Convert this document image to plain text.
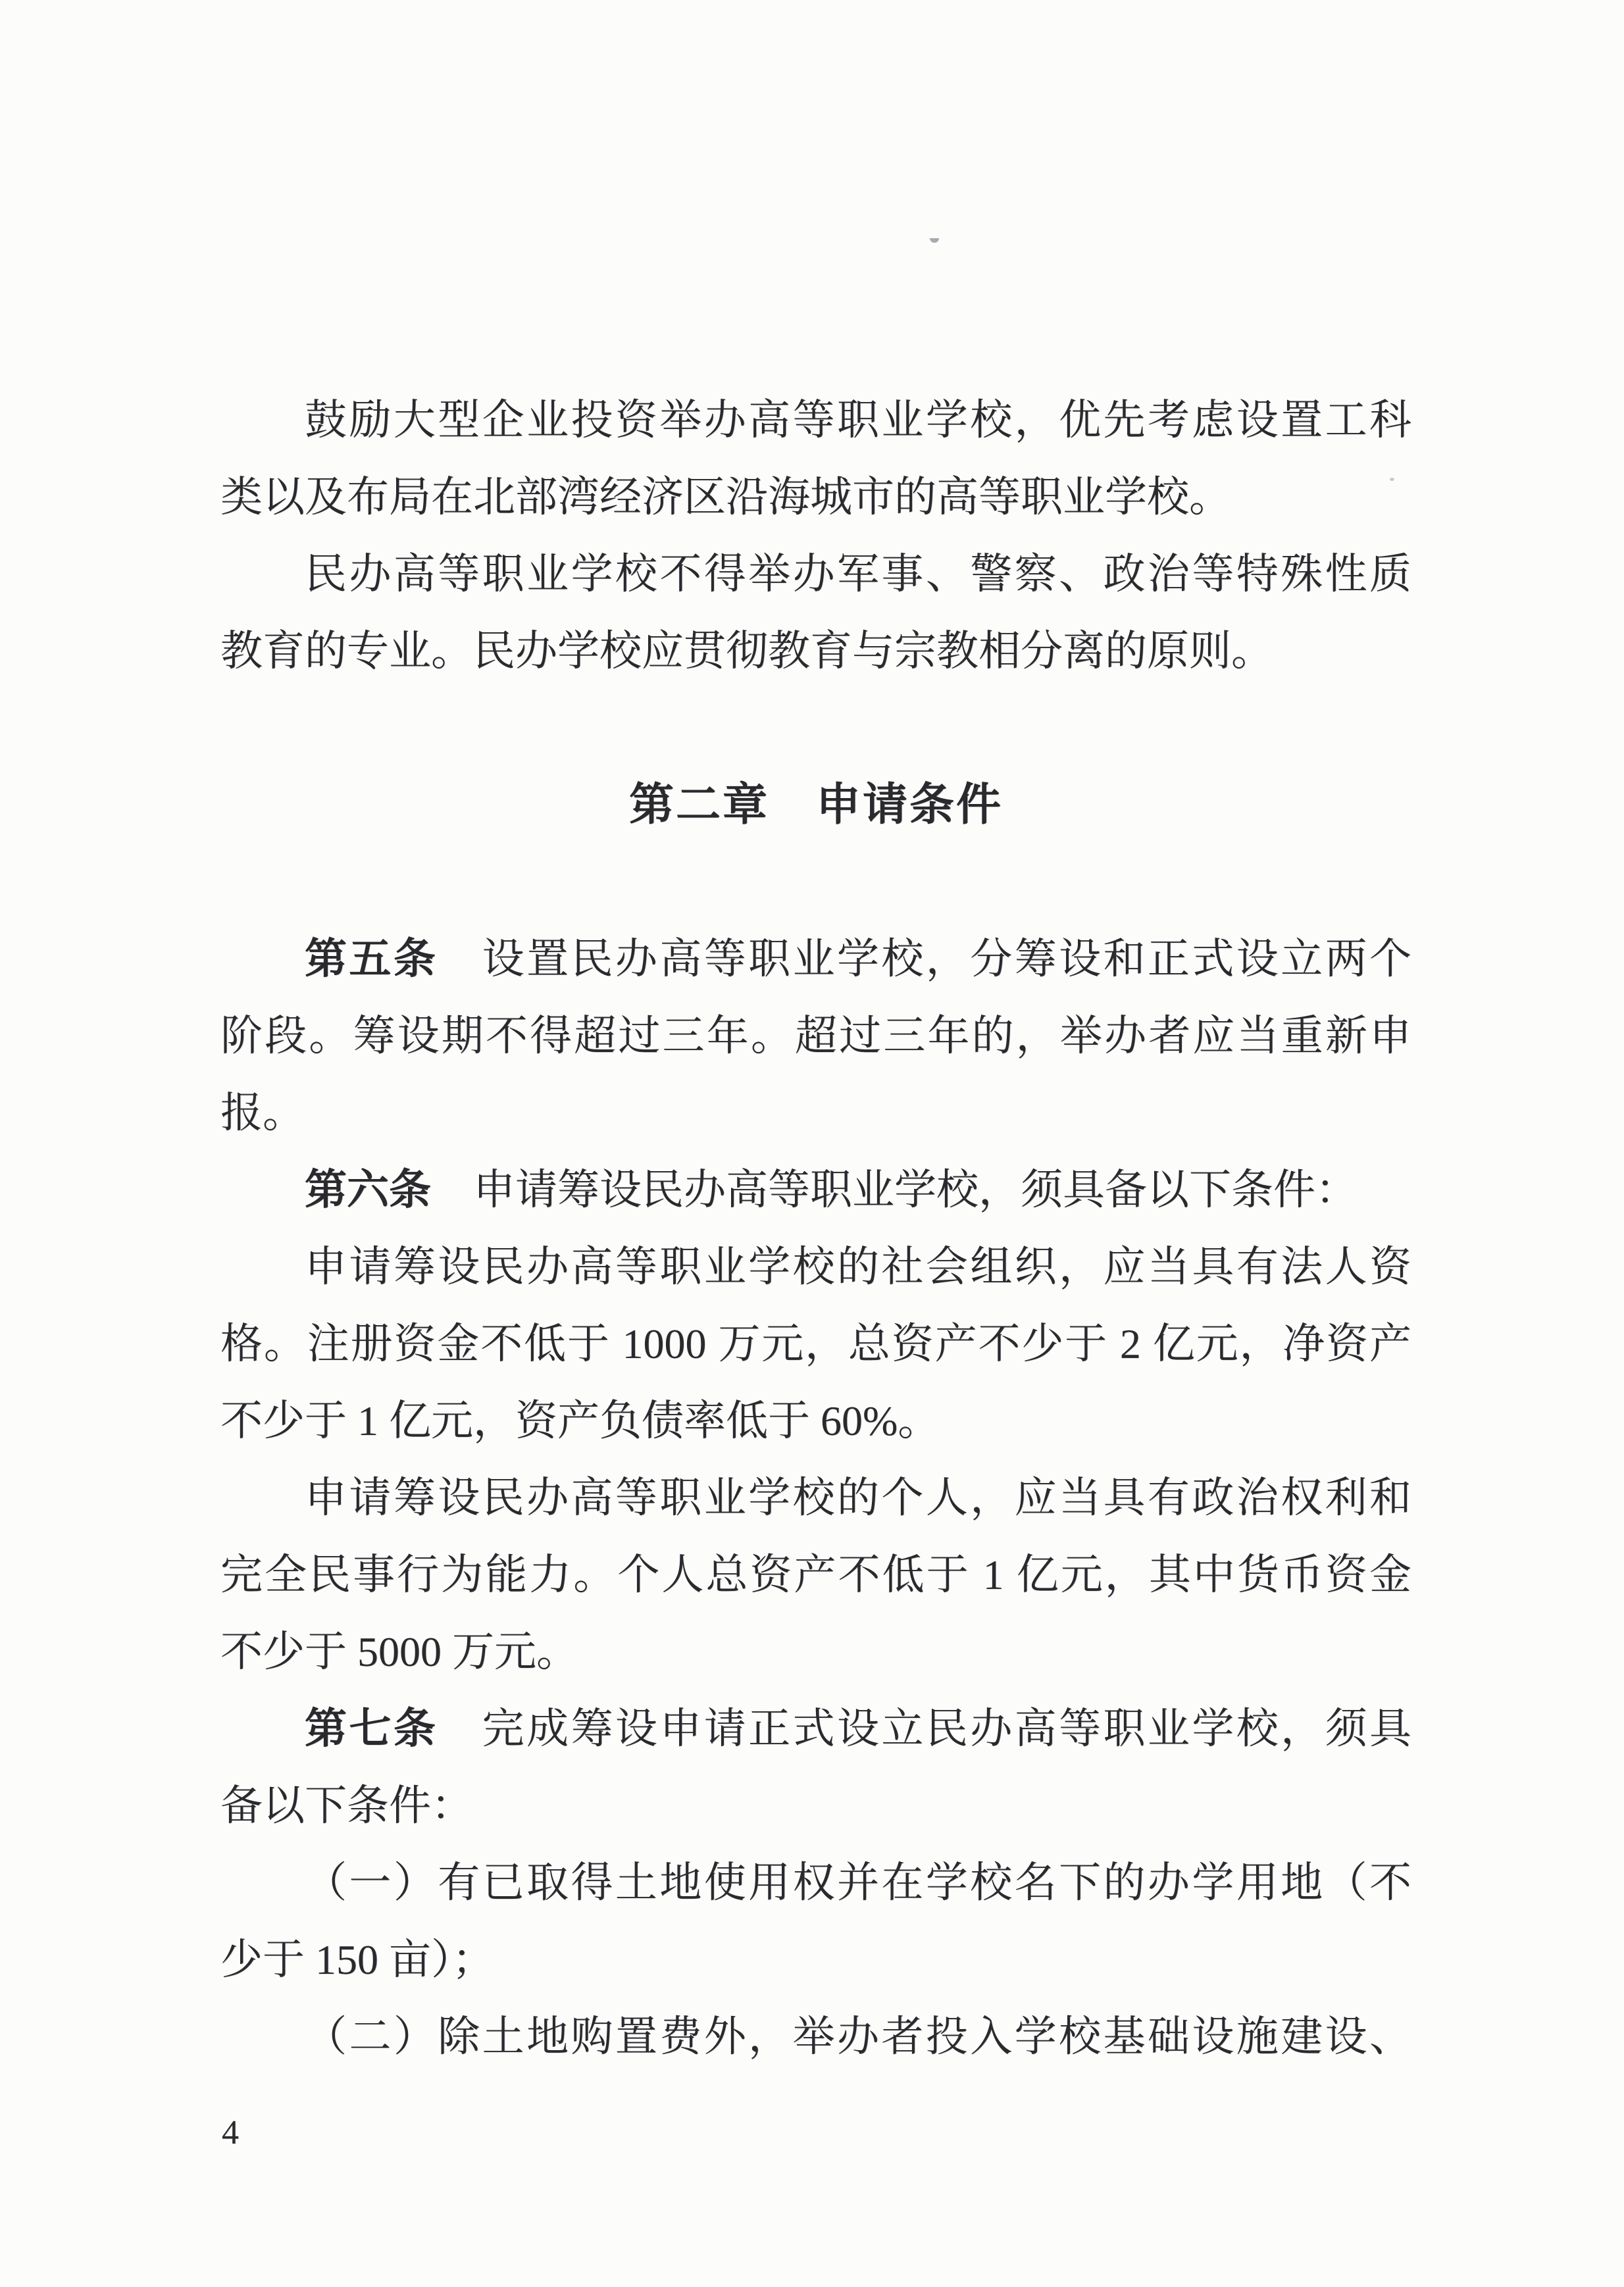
鼓励大型企业投资举办高等职业学校，优先考虑设置工科

类以及布局在北部湾经济区沿海城市的高等职业学校。

民办高等职业学校不得举办军事、警察、政治等特殊性质

教育的专业。民办学校应贯彻教育与宗教相分离的原则。

第二章　申请条件

第五条　设置民办高等职业学校，分筹设和正式设立两个

阶段。筹设期不得超过三年。超过三年的，举办者应当重新申

报。

第六条　申请筹设民办高等职业学校，须具备以下条件：

申请筹设民办高等职业学校的社会组织，应当具有法人资

格。注册资金不低于 1000 万元，总资产不少于 2 亿元，净资产

不少于 1 亿元，资产负债率低于 60%。

申请筹设民办高等职业学校的个人，应当具有政治权利和

完全民事行为能力。个人总资产不低于 1 亿元，其中货币资金

不少于 5000 万元。

第七条　完成筹设申请正式设立民办高等职业学校，须具

备以下条件：

（一）有已取得土地使用权并在学校名下的办学用地（不

少于 150 亩）；

（二）除土地购置费外，举办者投入学校基础设施建设、

4
